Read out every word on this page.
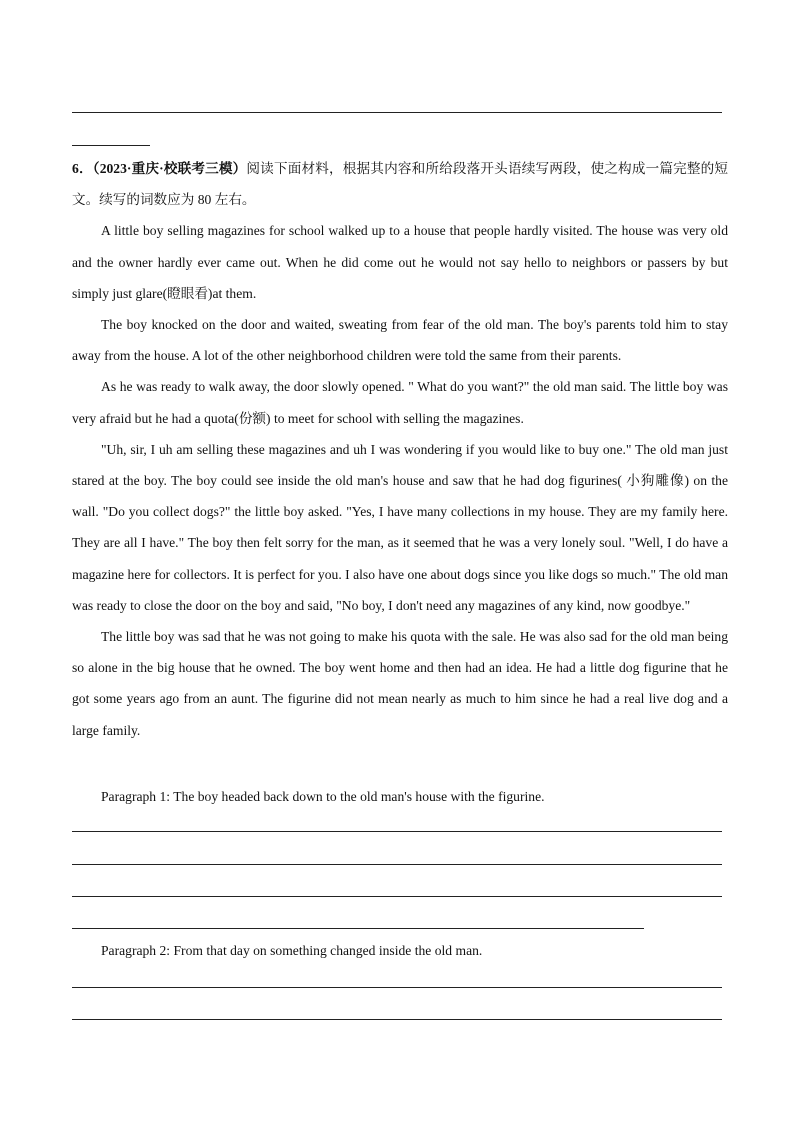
6．（2023·重庆·校联考三模）阅读下面材料，根据其内容和所给段落开头语续写两段，使之构成一篇完整的短文。续写的词数应为 80 左右。

A little boy selling magazines for school walked up to a house that people hardly visited. The house was very old and the owner hardly ever came out. When he did come out he would not say hello to neighbors or passers by but simply just glare(瞪眼看)at them.

The boy knocked on the door and waited, sweating from fear of the old man. The boy's parents told him to stay away from the house. A lot of the other neighborhood children were told the same from their parents.

As he was ready to walk away, the door slowly opened. " What do you want?" the old man said. The little boy was very afraid but he had a quota(份额) to meet for school with selling the magazines.

"Uh, sir, I uh am selling these magazines and uh I was wondering if you would like to buy one." The old man just stared at the boy. The boy could see inside the old man's house and saw that he had dog figurines( 小狗雕像) on the wall. "Do you collect dogs?" the little boy asked. "Yes, I have many collections in my house. They are my family here. They are all I have." The boy then felt sorry for the man, as it seemed that he was a very lonely soul. "Well, I do have a magazine here for collectors. It is perfect for you. I also have one about dogs since you like dogs so much." The old man was ready to close the door on the boy and said, "No boy, I don't need any magazines of any kind, now goodbye."

The little boy was sad that he was not going to make his quota with the sale. He was also sad for the old man being so alone in the big house that he owned. The boy went home and then had an idea. He had a little dog figurine that he got some years ago from an aunt. The figurine did not mean nearly as much to him since he had a real live dog and a large family.

Paragraph 1: The boy headed back down to the old man's house with the figurine.
Paragraph 2: From that day on something changed inside the old man.
